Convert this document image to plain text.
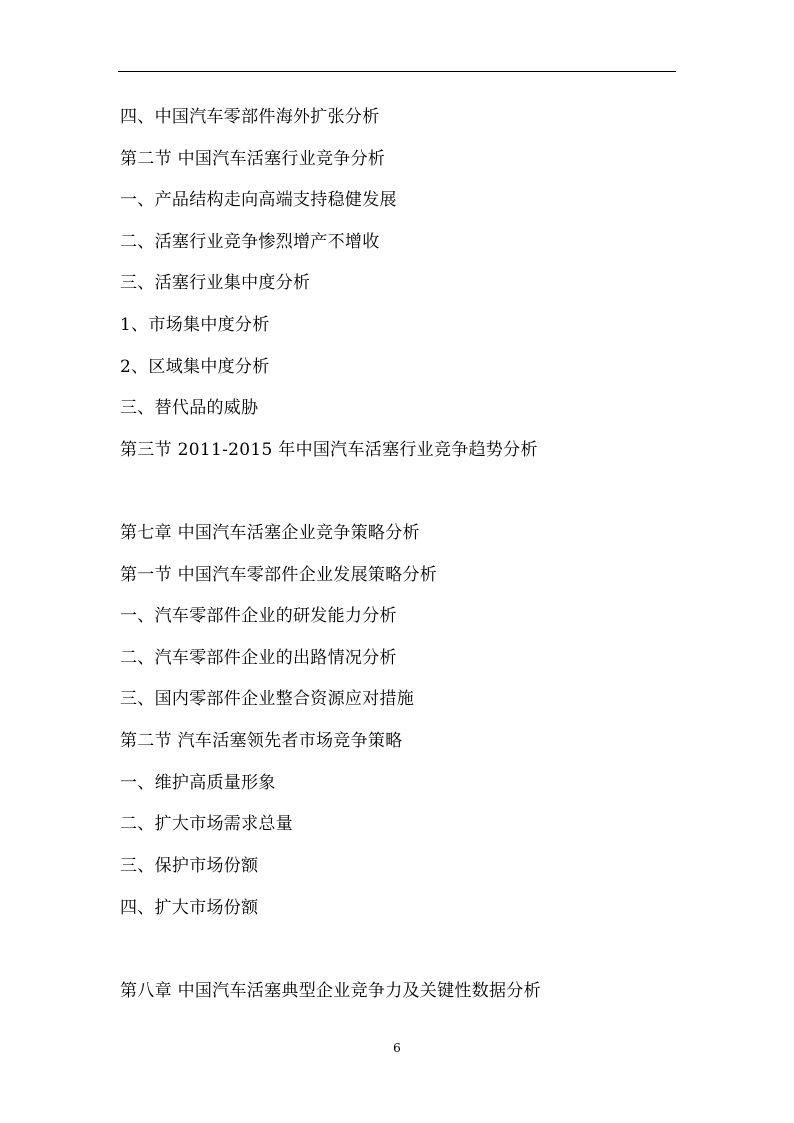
四、中国汽车零部件海外扩张分析
第二节 中国汽车活塞行业竞争分析
一、产品结构走向高端支持稳健发展
二、活塞行业竞争惨烈增产不增收
三、活塞行业集中度分析
1、市场集中度分析
2、区域集中度分析
三、替代品的威胁
第三节 2011-2015 年中国汽车活塞行业竞争趋势分析
第七章 中国汽车活塞企业竞争策略分析
第一节 中国汽车零部件企业发展策略分析
一、汽车零部件企业的研发能力分析
二、汽车零部件企业的出路情况分析
三、国内零部件企业整合资源应对措施
第二节 汽车活塞领先者市场竞争策略
一、维护高质量形象
二、扩大市场需求总量
三、保护市场份额
四、扩大市场份额
第八章 中国汽车活塞典型企业竞争力及关键性数据分析
6
